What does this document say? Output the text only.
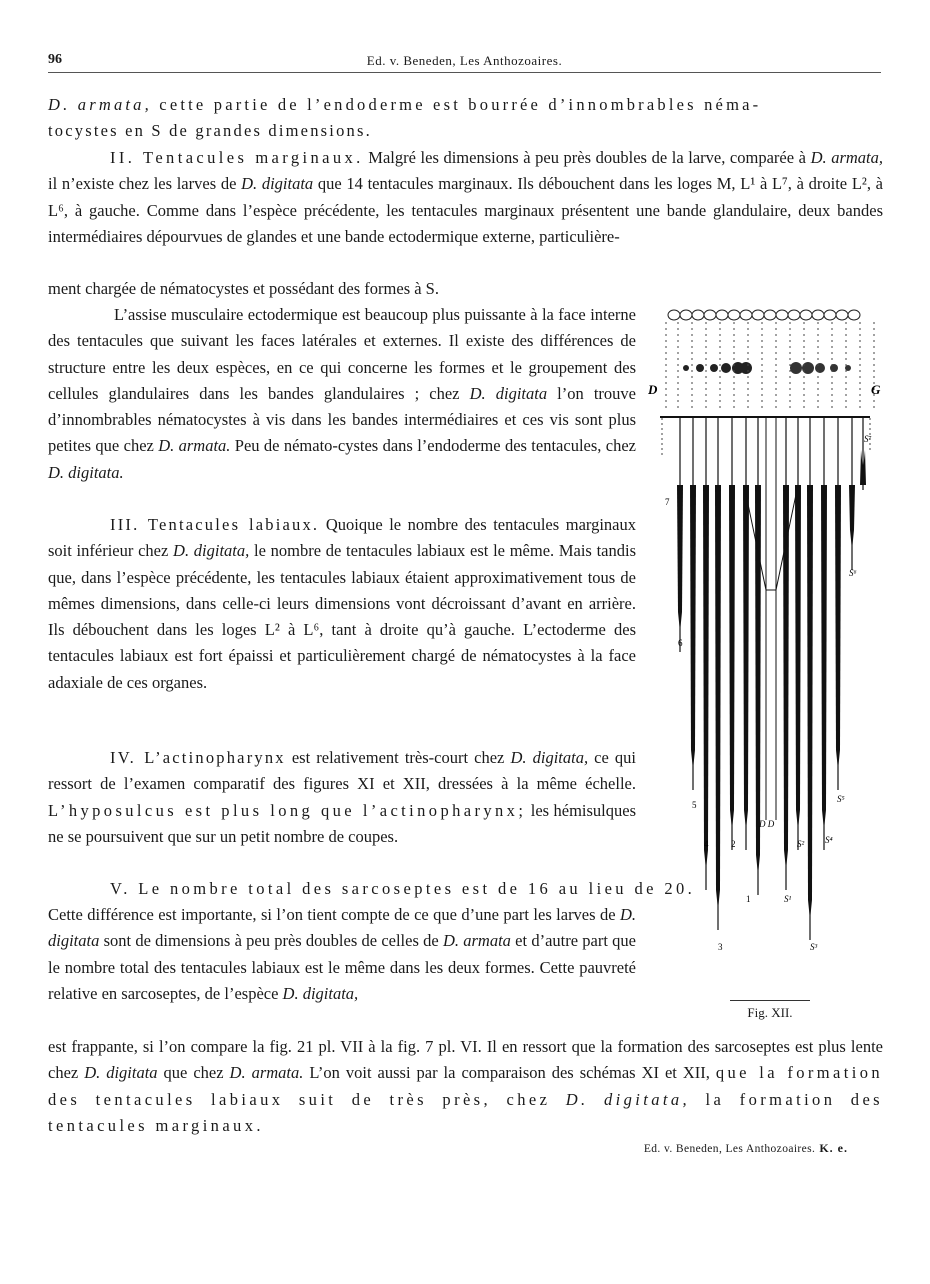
96	Ed. v. Beneden, Les Anthozoaires.
D. armata, cette partie de l’endoderme est bourrée d’innombrables néma-
tocystes en S de grandes dimensions.
II. Tentacules marginaux. Malgré les dimensions à peu près doubles de la larve, comparée à D. armata, il n’existe chez les larves de D. digitata que 14 tentacules marginaux. Ils débouchent dans les loges M, L¹ à L⁷, à droite L², à L⁶, à gauche. Comme dans l’espèce précédente, les tentacules marginaux présentent une bande glandulaire, deux bandes intermédiaires dépourvues de glandes et une bande ectodermique externe, particulière-
ment chargée de nématocystes et possédant des formes à S.
L’assise musculaire ectodermique est beaucoup plus puissante à la face interne des tentacules que suivant les faces latérales et externes. Il existe des différences de structure entre les deux espèces, en ce qui concerne les formes et le groupement des cellules glandulaires dans les bandes glandulaires ; chez D. digitata l’on trouve d’innombrables nématocystes à vis dans les bandes intermédiaires et ces vis sont plus petites que chez D. armata. Peu de némato-cystes dans l’endoderme des tentacules, chez D. digitata.
III. Tentacules labiaux. Quoique le nombre des tentacules marginaux soit inférieur chez D. digitata, le nombre de tentacules labiaux est le même. Mais tandis que, dans l’espèce précédente, les tentacules labiaux étaient approximativement tous de mêmes dimensions, dans celle-ci leurs dimensions vont décroissant d’avant en arrière. Ils débouchent dans les loges L² à L⁶, tant à droite qu’à gauche. L’ectoderme des tentacules labiaux est fort épaissi et particulièrement chargé de nématocystes à la face adaxiale de ces organes.
IV. L’actinopharynx est relativement très-court chez D. digitata, ce qui ressort de l’examen comparatif des figures XI et XII, dressées à la même échelle. L’hyposulcus est plus long que l’actinopharynx; les hémisulques ne se poursuivent que sur un petit nombre de coupes.
V. Le nombre total des sarcoseptes est de 16 au lieu de 20.
Cette différence est importante, si l’on tient compte de ce que d’une part les larves de D. digitata sont de dimensions à peu près doubles de celles de D. armata et d’autre part que le nombre total des tentacules labiaux est le même dans les deux formes. Cette pauvreté relative en sarcoseptes, de l’espèce D. digitata,
est frappante, si l’on compare la fig. 21 pl. VII à la fig. 7 pl. VI. Il en ressort que la formation des sarcoseptes est plus lente chez D. digitata que chez D. armata. L’on voit aussi par la comparaison des schémas XI et XII, que la formation des tentacules labiaux suit de très près, chez D. digitata, la formation des tentacules marginaux.
D	G
S⁷
7
S⁶
6
5
S⁵
D D
4	2	S² S⁴
1	S¹
3	S³
Fig. XII.
Ed. v. Beneden, Les Anthozoaires. K. e.
